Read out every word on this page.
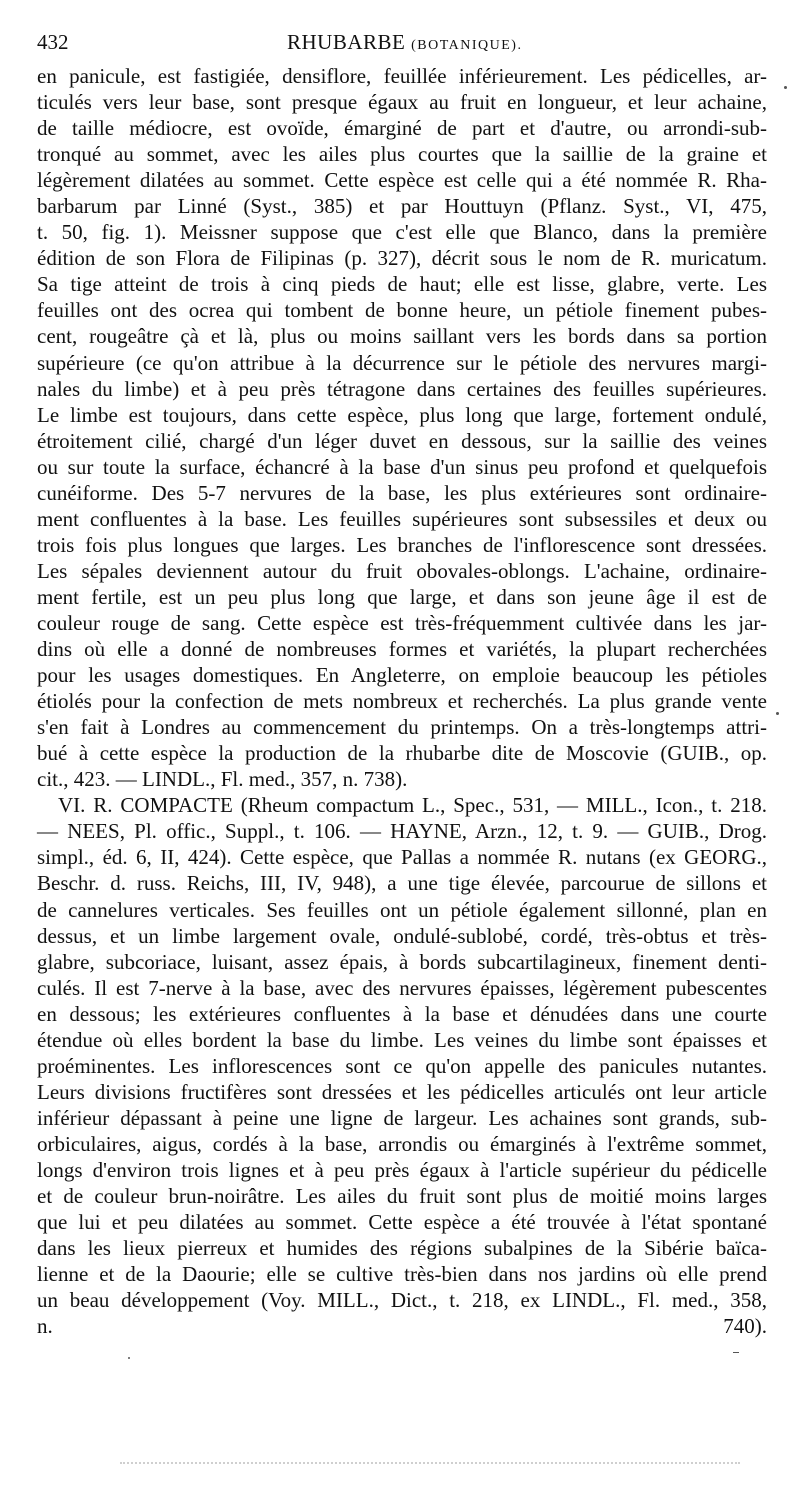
432	RHUBARBE (BOTANIQUE).
en panicule, est fastigiée, densiflore, feuillée inférieurement. Les pédicelles, ar-
ticulés vers leur base, sont presque égaux au fruit en longueur, et leur achaine,
de taille médiocre, est ovoïde, émarginé de part et d'autre, ou arrondi-sub-
tronqué au sommet, avec les ailes plus courtes que la saillie de la graine et
légèrement dilatées au sommet. Cette espèce est celle qui a été nommée R. Rha-
barbarum par Linné (Syst., 385) et par Houttuyn (Pflanz. Syst., VI, 475,
t. 50, fig. 1). Meissner suppose que c'est elle que Blanco, dans la première
édition de son Flora de Filipinas (p. 327), décrit sous le nom de R. muricatum.
Sa tige atteint de trois à cinq pieds de haut; elle est lisse, glabre, verte. Les
feuilles ont des ocrea qui tombent de bonne heure, un pétiole finement pubes-
cent, rougeâtre çà et là, plus ou moins saillant vers les bords dans sa portion
supérieure (ce qu'on attribue à la décurrence sur le pétiole des nervures margi-
nales du limbe) et à peu près tétragone dans certaines des feuilles supérieures.
Le limbe est toujours, dans cette espèce, plus long que large, fortement ondulé,
étroitement cilié, chargé d'un léger duvet en dessous, sur la saillie des veines
ou sur toute la surface, échancré à la base d'un sinus peu profond et quelquefois
cunéiforme. Des 5-7 nervures de la base, les plus extérieures sont ordinaire-
ment confluentes à la base. Les feuilles supérieures sont subsessiles et deux ou
trois fois plus longues que larges. Les branches de l'inflorescence sont dressées.
Les sépales deviennent autour du fruit obovales-oblongs. L'achaine, ordinaire-
ment fertile, est un peu plus long que large, et dans son jeune âge il est de
couleur rouge de sang. Cette espèce est très-fréquemment cultivée dans les jar-
dins où elle a donné de nombreuses formes et variétés, la plupart recherchées
pour les usages domestiques. En Angleterre, on emploie beaucoup les pétioles
étiolés pour la confection de mets nombreux et recherchés. La plus grande vente
s'en fait à Londres au commencement du printemps. On a très-longtemps attri-
bué à cette espèce la production de la rhubarbe dite de Moscovie (GUIB., op.
cit., 423. — LINDL., Fl. med., 357, n. 738).
VI. R. COMPACTE (Rheum compactum L., Spec., 531, — MILL., Icon., t. 218.
— NEES, Pl. offic., Suppl., t. 106. — HAYNE, Arzn., 12, t. 9. — GUIB., Drog.
simpl., éd. 6, II, 424). Cette espèce, que Pallas a nommée R. nutans (ex GEORG.,
Beschr. d. russ. Reichs, III, IV, 948), a une tige élevée, parcourue de sillons et
de cannelures verticales. Ses feuilles ont un pétiole également sillonné, plan en
dessus, et un limbe largement ovale, ondulé-sublobé, cordé, très-obtus et très-
glabre, subcoriace, luisant, assez épais, à bords subcartilagineux, finement denti-
culés. Il est 7-nerve à la base, avec des nervures épaisses, légèrement pubescentes
en dessous; les extérieures confluentes à la base et dénudées dans une courte
étendue où elles bordent la base du limbe. Les veines du limbe sont épaisses et
proéminentes. Les inflorescences sont ce qu'on appelle des panicules nutantes.
Leurs divisions fructifères sont dressées et les pédicelles articulés ont leur article
inférieur dépassant à peine une ligne de largeur. Les achaines sont grands, sub-
orbiculaires, aigus, cordés à la base, arrondis ou émarginés à l'extrême sommet,
longs d'environ trois lignes et à peu près égaux à l'article supérieur du pédicelle
et de couleur brun-noirâtre. Les ailes du fruit sont plus de moitié moins larges
que lui et peu dilatées au sommet. Cette espèce a été trouvée à l'état spontané
dans les lieux pierreux et humides des régions subalpines de la Sibérie baïca-
lienne et de la Daourie; elle se cultive très-bien dans nos jardins où elle prend
un beau développement (Voy. MILL., Dict., t. 218, ex LINDL., Fl. med., 358,
n. 740).
